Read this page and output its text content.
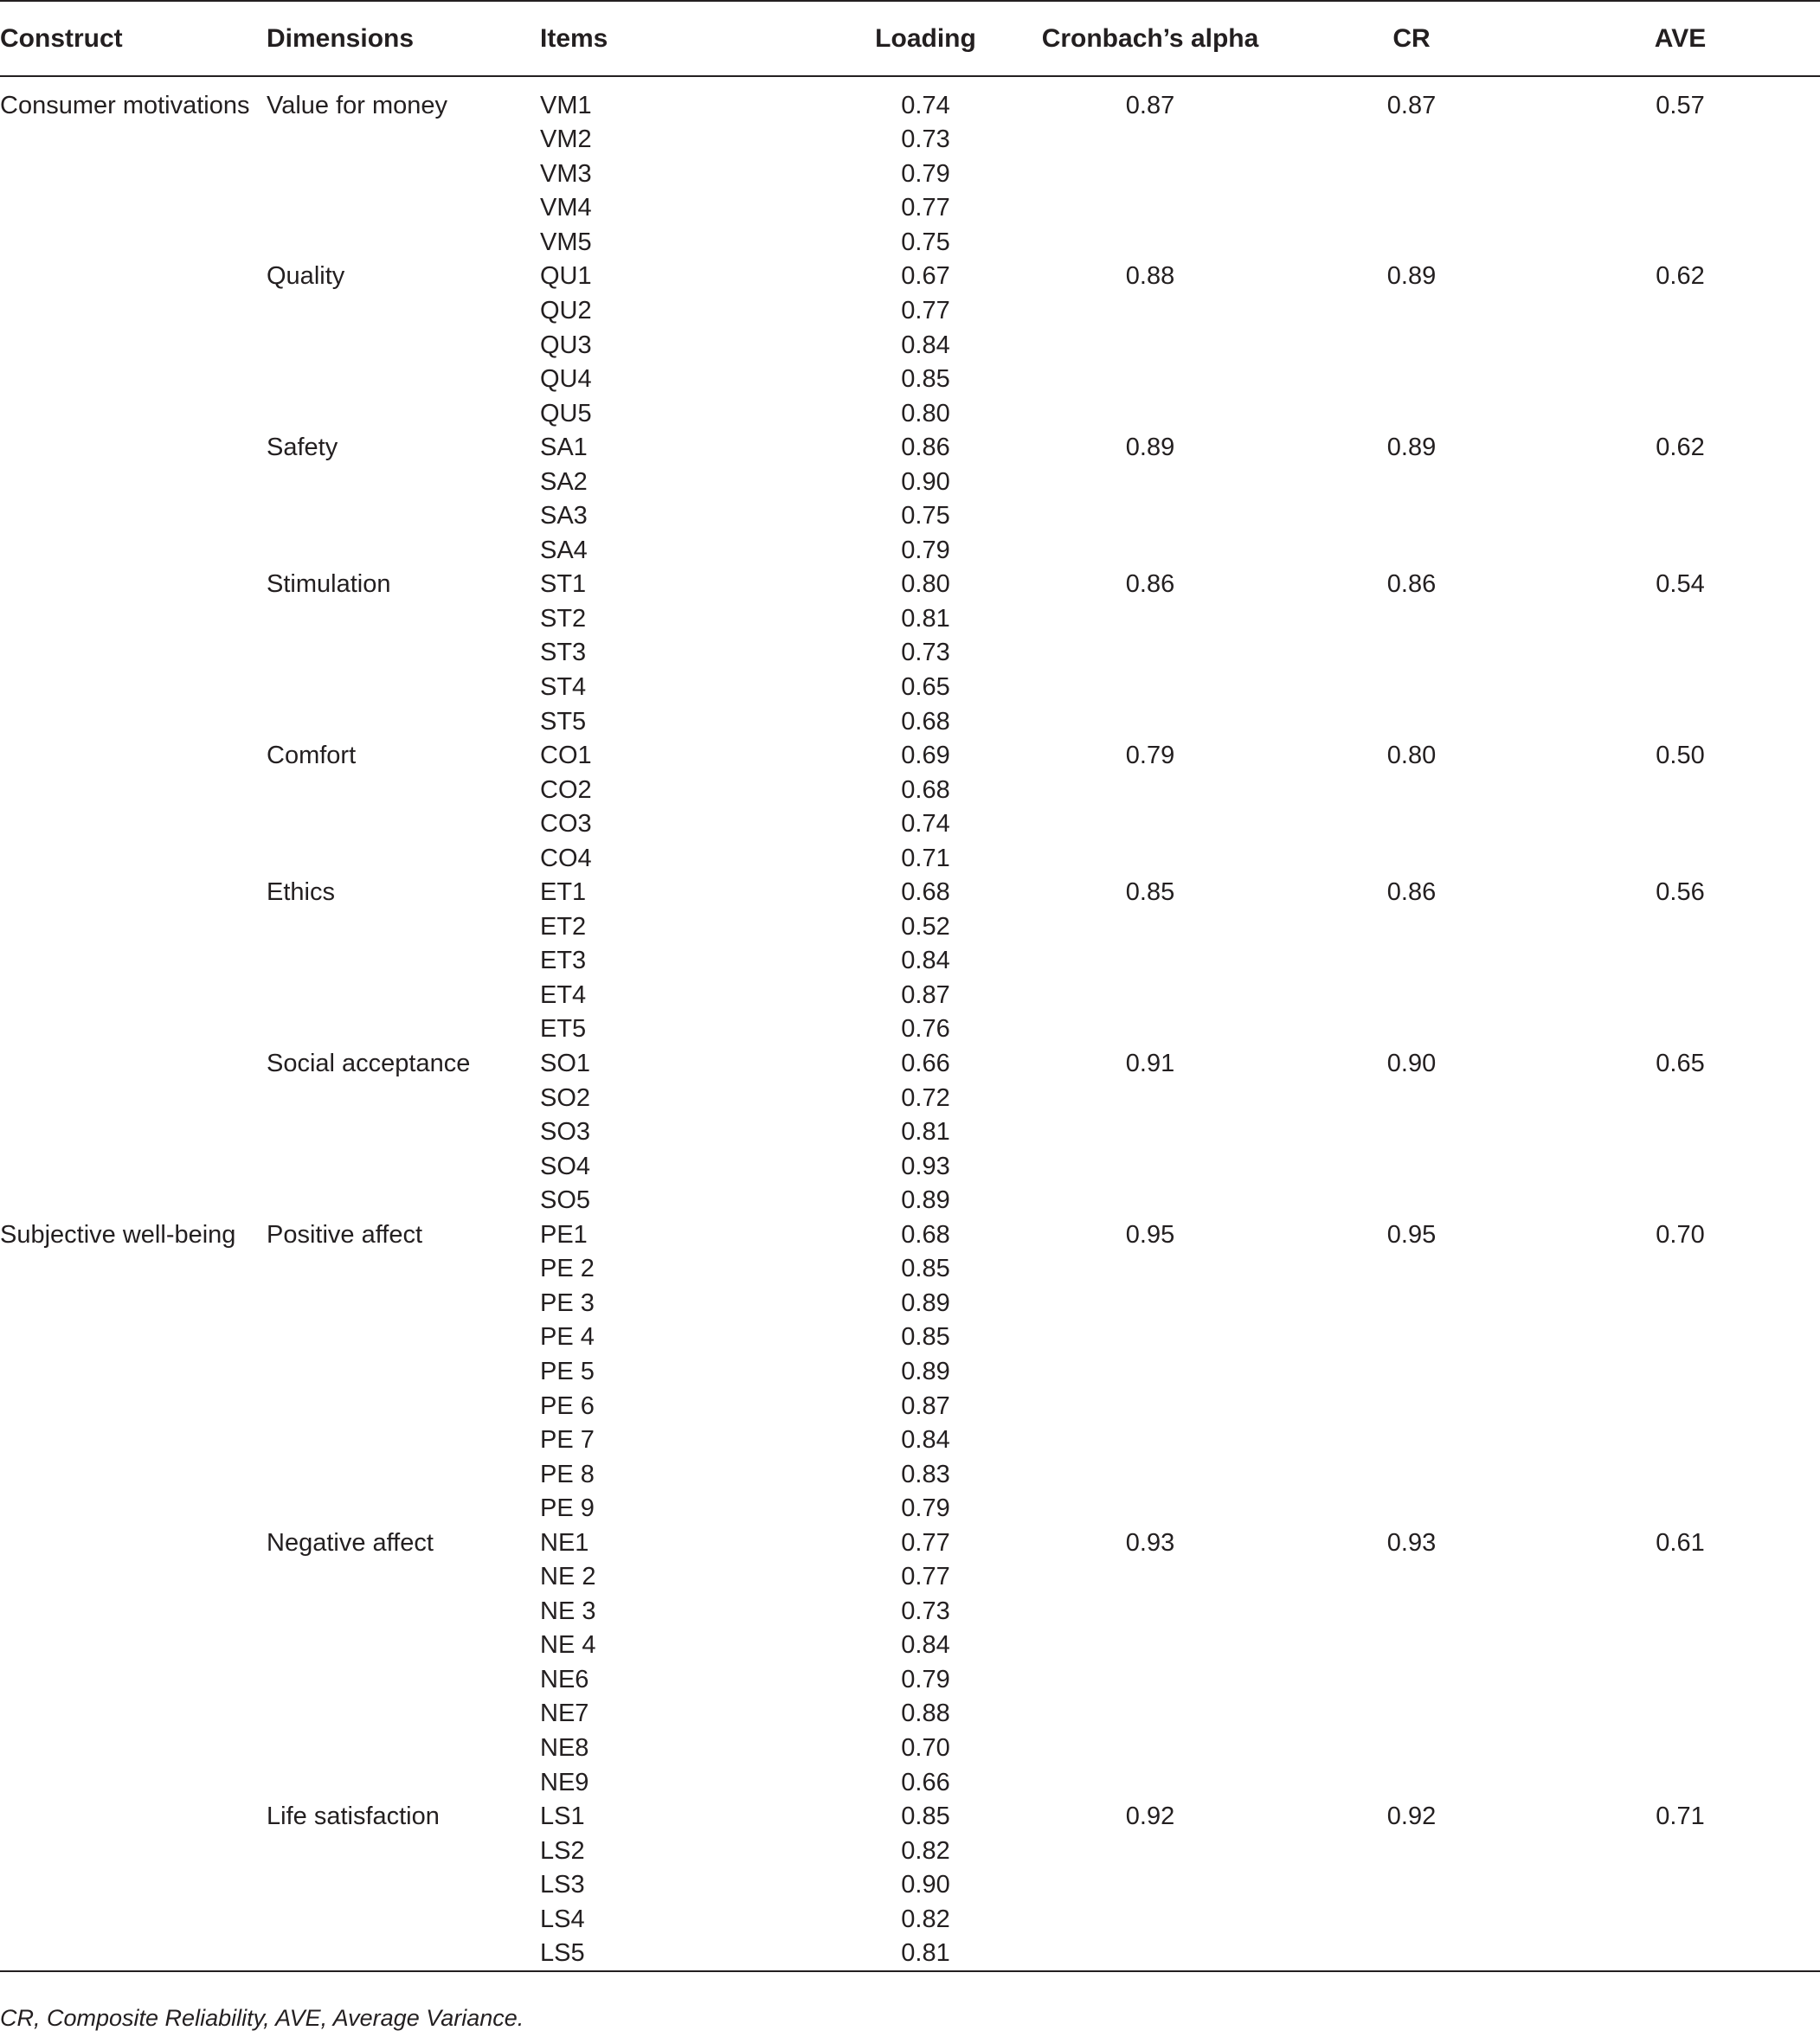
Construct	Dimensions	Items	Loading	Cronbach’s alpha	CR	AVE
Consumer motivations	Value for money	VM1	0.74	0.87	0.87	0.57
		VM2	0.73			
		VM3	0.79			
		VM4	0.77			
		VM5	0.75			
	Quality	QU1	0.67	0.88	0.89	0.62
		QU2	0.77			
		QU3	0.84			
		QU4	0.85			
		QU5	0.80			
	Safety	SA1	0.86	0.89	0.89	0.62
		SA2	0.90			
		SA3	0.75			
		SA4	0.79			
	Stimulation	ST1	0.80	0.86	0.86	0.54
		ST2	0.81			
		ST3	0.73			
		ST4	0.65			
		ST5	0.68			
	Comfort	CO1	0.69	0.79	0.80	0.50
		CO2	0.68			
		CO3	0.74			
		CO4	0.71			
	Ethics	ET1	0.68	0.85	0.86	0.56
		ET2	0.52			
		ET3	0.84			
		ET4	0.87			
		ET5	0.76			
	Social acceptance	SO1	0.66	0.91	0.90	0.65
		SO2	0.72			
		SO3	0.81			
		SO4	0.93			
		SO5	0.89			
Subjective well-being	Positive affect	PE1	0.68	0.95	0.95	0.70
		PE 2	0.85			
		PE 3	0.89			
		PE 4	0.85			
		PE 5	0.89			
		PE 6	0.87			
		PE 7	0.84			
		PE 8	0.83			
		PE 9	0.79			
	Negative affect	NE1	0.77	0.93	0.93	0.61
		NE 2	0.77			
		NE 3	0.73			
		NE 4	0.84			
		NE6	0.79			
		NE7	0.88			
		NE8	0.70			
		NE9	0.66			
	Life satisfaction	LS1	0.85	0.92	0.92	0.71
		LS2	0.82			
		LS3	0.90			
		LS4	0.82			
		LS5	0.81			
CR, Composite Reliability, AVE, Average Variance.
